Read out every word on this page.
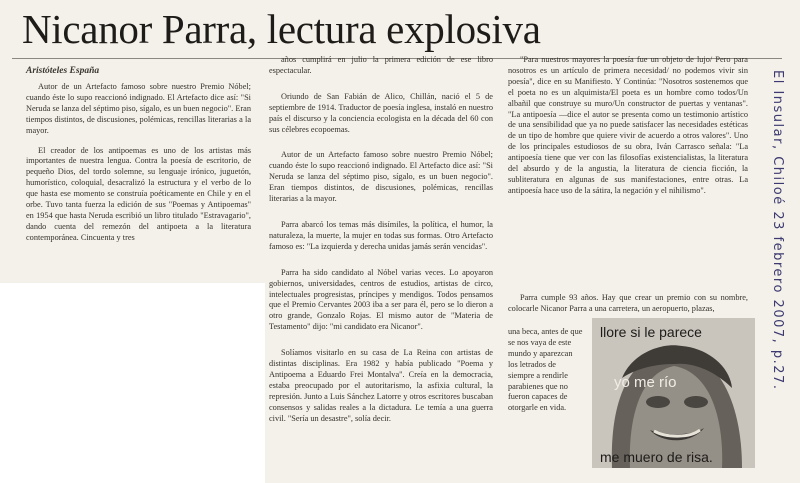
Nicanor Parra, lectura explosiva
Aristóteles España

Autor de un Artefacto famoso sobre nuestro Premio Nóbel; cuando éste lo supo reaccionó indignado. El Artefacto dice así: "Si Neruda se lanza del séptimo piso, sígalo, es un buen negocio". Eran tiempos distintos, de discusiones, polémicas, rencillas literarias a la mayor.

El creador de los antipoemas es uno de los artistas más importantes de nuestra lengua. Contra la poesía de escritorio, de pequeño Dios, del tordo solemne, su lenguaje irónico, juguetón, humorístico, coloquial, desacralizó la estructura y el verbo de lo que hasta ese momento se construía poéticamente en Chile y en el orbe. Tuvo tanta fuerza la edición de sus "Poemas y Antipoemas" en 1954 que hasta Neruda escribió un libro titulado "Estravagario", dando cuenta del remezón del antipoeta a la literatura contemporánea. Cincuenta y tres

años cumplirá en julio la primera edición de ese libro espectacular.

Oriundo de San Fabián de Alico, Chillán, nació el 5 de septiembre de 1914. Traductor de poesía inglesa, instaló en nuestro país el discurso y la conciencia ecologista en la década del 60 con sus célebres ecopoemas.

Autor de un Artefacto famoso sobre nuestro Premio Nóbel; cuando éste lo supo reaccionó indignado. El Artefacto dice así: "Si Neruda se lanza del séptimo piso, sígalo, es un buen negocio". Eran tiempos distintos, de discusiones, polémicas, rencillas literarias a la mayor.

Parra abarcó los temas más disímiles, la política, el humor, la naturaleza, la muerte, la mujer en todas sus formas. Otro Artefacto famoso es: "La izquierda y derecha unidas jamás serán vencidas".

Parra ha sido candidato al Nóbel varias veces. Lo apoyaron gobiernos, universidades, centros de estudios, artistas de circo, intelectuales progresistas, príncipes y mendigos. Todos pensamos que el Premio Cervantes 2003 iba a ser para él, pero se lo dieron a otro grande, Gonzalo Rojas. El mismo autor de "Materia de Testamento" dijo: "mi candidato era Nicanor".

Solíamos visitarlo en su casa de La Reina con artistas de distintas disciplinas. Era 1982 y había publicado "Poema y Antipoema a Eduardo Frei Montalva". Creía en la democracia, estaba preocupado por el autoritarismo, la asfixia cultural, la represión. Junto a Luis Sánchez Latorre y otros escritores buscaban consensos y salidas reales a la dictadura. Le temía a una guerra civil. "Sería un desastre", solía decir.

"Para nuestros mayores la poesía fue un objeto de lujo/ Pero para nosotros es un artículo de primera necesidad/ no podemos vivir sin poesía", dice en su Manifiesto. Y Continúa: "Nosotros sostenemos que el poeta no es un alquimista/El poeta es un hombre como todos/Un albañil que construye su muro/Un constructor de puertas y ventanas". "La antipoesía —dice el autor se presenta como un testimonio artístico de una sensibilidad que ya no puede satisfacer las necesidades estéticas de un tipo de hombre que quiere vivir de acuerdo a otros valores". Uno de los principales estudiosos de su obra, Iván Carrasco señala: "La antipoesía tiene que ver con las filosofías existencialistas, la literatura del absurdo y de la angustia, la literatura de ciencia ficción, la subliteratura en algunas de sus manifestaciones, entre otras. La antipoesía hace uso de la sátira, la negación y el nihilismo".

Parra cumple 93 años. Hay que crear un premio con su nombre, colocarle Nicanor Parra a una carretera, un aeropuerto, plazas,

una beca, antes de que se nos vaya de este mundo y aparezcan los letrados de siempre a rendirle parabienes que no fueron capaces de otorgarle en vida.

llore si le parece
yo me río
me muero de risa.
El Insular, Chiloé 23 febrero 2007, p.27.
